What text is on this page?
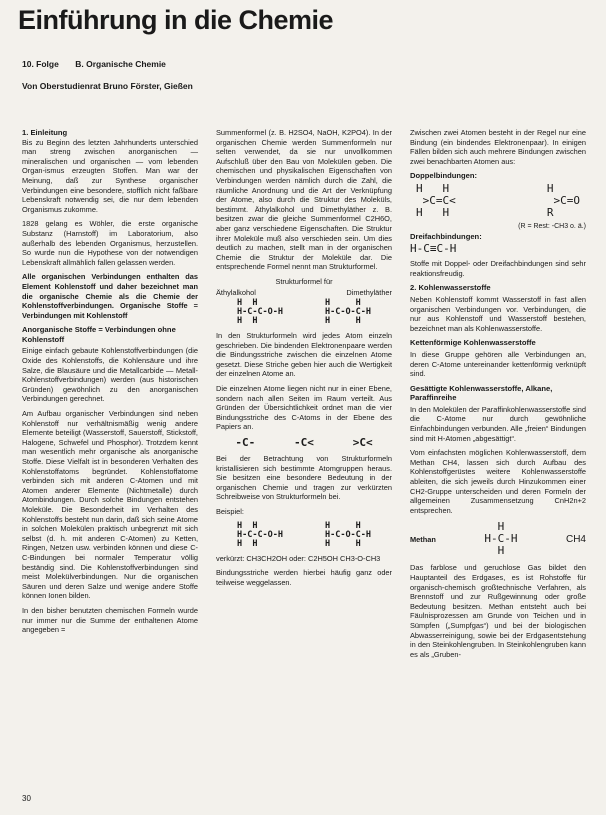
Einführung in die Chemie
10. Folge B. Organische Chemie
Von Oberstudienrat Bruno Förster, Gießen
1. Einleitung

Bis zu Beginn des letzten Jahrhunderts unterschied man streng zwischen anorganischen — mineralischen und organischen — vom lebenden Organ-ismus erzeugten Stoffen. Man war der Meinung, daß zur Synthese organischer Verbindungen eine besondere, stofflich nicht faßbare Lebenskraft notwendig sei, die nur dem lebenden Organismus zukomme.

1828 gelang es Wöhler, die erste organische Substanz (Harnstoff) im Laboratorium, also außerhalb des lebenden Organismus, herzustellen. So wurde nun die Hypothese von der notwendigen Lebenskraft allmählich fallen gelassen werden.

Alle organischen Verbindungen enthalten das Element Kohlenstoff und daher bezeichnet man die organische Chemie als die Chemie der Kohlenstoffverbindungen. Organische Stoffe = Verbindungen mit Kohlenstoff

Anorganische Stoffe = Verbindungen ohne Kohlenstoff

Einige einfach gebaute Kohlenstoffverbindungen (die Oxide des Kohlenstoffs, die Kohlensäure und ihre Salze, die Blausäure und die Metallcarbide — Metall-Kohlenstoffverbindungen) werden (aus historischen Gründen) gewöhnlich zu den anorganischen Verbindungen gerechnet.

Am Aufbau organischer Verbindungen sind neben Kohlenstoff nur verhältnismäßig wenig andere Elemente beteiligt (Wasserstoff, Sauerstoff, Stickstoff, Halogene, Schwefel und Phosphor). Trotzdem kennt man wesentlich mehr organische als anorganische Stoffe. Diese Vielfalt ist in besonderen Verhalten des Kohlenstoffatoms begründet. Kohlenstoffatome verbinden sich mit anderen C-Atomen und mit Atomen anderer Elemente (Nichtmetalle) durch Atombindungen. Durch solche Bindungen entstehen Moleküle. Die Besonderheit im Verhalten des Kohlenstoffs besteht nun darin, daß sich seine Atome in solchen Molekülen praktisch unbegrenzt mit sich selbst (d. h. mit anderen C-Atomen) zu Ketten, Ringen, Netzen usw. verbinden können und diese C-C-Bindungen bei normaler Temperatur völlig beständig sind. Die Kohlenstoffverbindungen sind meist Molekülverbindungen. Nur die organischen Säuren und deren Salze und wenige andere Stoffe können Ionen bilden.

In den bisher benutzten chemischen Formeln wurde nur immer nur die Summe der enthaltenen Atome angegeben =

Summenformel (z. B. H2SO4, NaOH, K2PO4). In der organischen Chemie werden Summenformeln nur selten verwendet, da sie nur unvollkommen Aufschluß über den Bau von Molekülen geben. Die chemischen und physikalischen Eigenschaften von Verbindungen werden nämlich durch die Zahl, die räumliche Anordnung und die Art der Verknüpfung der Atome, also durch die Struktur des Moleküls, bestimmt. Äthylalkohol und Dimethyläther z. B. besitzen zwar die gleiche Summenformel C2H6O, aber ganz verschiedene Eigenschaften. Die Struktur ihrer Moleküle muß also verschieden sein. Um dies deutlich zu machen, stellt man in der organischen Chemie die Struktur der Moleküle dar. Die entsprechende Formel nennt man Strukturformel.

Strukturformel für
Äthylalkohol	Dimethyläther
H  H
H-C-C-O-H
H  H
H     H
H-C-O-C-H
H     H

In den Strukturformeln wird jedes Atom einzeln geschrieben. Die bindenden Elektronenpaare werden die Bindungsstriche zwischen die einzelnen Atome gesetzt. Diese Striche geben hier auch die Wertigkeit der einzelnen Atome an.

Die einzelnen Atome liegen nicht nur in einer Ebene, sondern nach allen Seiten im Raum verteilt. Aus Gründen der Übersichtlichkeit ordnet man die vier Bindungsstriche des C-Atoms in der Ebene des Papiers an.

-C-	-C<	>C<

Bei der Betrachtung von Strukturformeln kristallisieren sich bestimmte Atomgruppen heraus. Sie besitzen eine besondere Bedeutung in der organischen Chemie und tragen zur verkürzten Schreibweise von Strukturformeln bei.

Beispiel:

H  H
H-C-C-O-H
H  H
H     H
H-C-O-C-H
H     H

verkürzt: CH3CH2OH oder: C2H5OH CH3-O-CH3

Bindungsstriche werden hierbei häufig ganz oder teilweise weggelassen.

Zwischen zwei Atomen besteht in der Regel nur eine Bindung (ein bindendes Elektronenpaar). In einigen Fällen bilden sich auch mehrere Bindungen zwischen zwei benachbarten Atomen aus:

Doppelbindungen:
H   H
>C=C<
H   H
H
>C=O
R
(R = Rest: -CH3 o. ä.)
Dreifachbindungen:
H-C≡C-H

Stoffe mit Doppel- oder Dreifachbindungen sind sehr reaktionsfreudig.

2. Kohlenwasserstoffe

Neben Kohlenstoff kommt Wasserstoff in fast allen organischen Verbindungen vor. Verbindungen, die nur aus Kohlenstoff und Wasserstoff bestehen, bezeichnet man als Kohlenwasserstoffe.

Kettenförmige Kohlenwasserstoffe

In diese Gruppe gehören alle Verbindungen an, deren C-Atome untereinander kettenförmig verknüpft sind.

Gesättigte Kohlenwasserstoffe, Alkane, Paraffinreihe

In den Molekülen der Paraffinkohlenwasserstoffe sind die C-Atome nur durch gewöhnliche Einfachbindungen verbunden. Alle „freien“ Bindungen sind mit H-Atomen „abgesättigt“.

Vom einfachsten möglichen Kohlenwasserstoff, dem Methan CH4, lassen sich durch Aufbau des Kohlenstoffgerüstes weitere Kohlenwasserstoffe ableiten, die sich jeweils durch Hinzukommen einer CH2-Gruppe unterscheiden und deren Formeln der allgemeinen Zusammensetzung CnH2n+2 entsprechen.

Methan
H
H-C-H
H
CH4

Das farblose und geruchlose Gas bildet den Hauptanteil des Erdgases, es ist Rohstoffe für organisch-chemisch großtechnische Verfahren, als Brennstoff und zur Rußgewinnung oder große Bedeutung besitzen. Methan entsteht auch bei Fäulnisprozessen am Grunde von Teichen und in Sümpfen („Sumpfgas“) und bei der biologischen Abwasserreinigung, sowie bei der Erdgasentstehung in den Steinkohlengruben. In Steinkohlengruben kann es als „Gruben-

30
